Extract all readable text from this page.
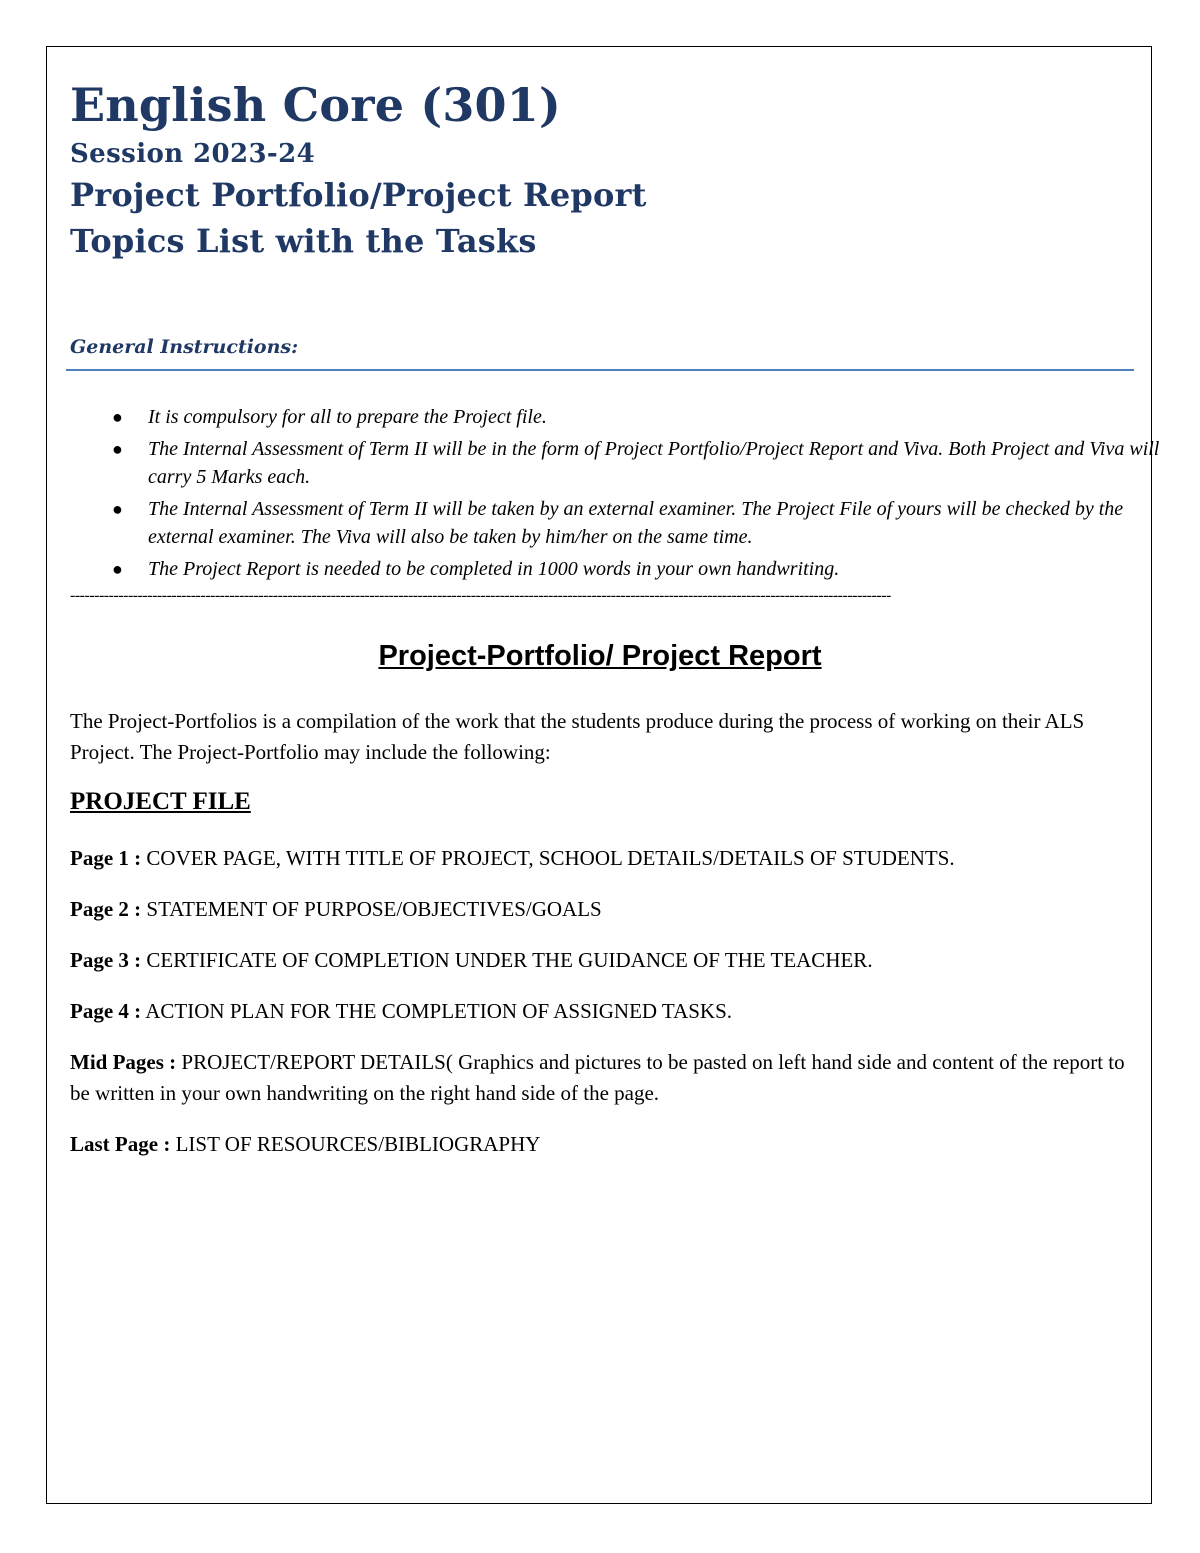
English Core (301)
Session 2023-24
Project Portfolio/Project Report
Topics List with the Tasks
General Instructions:
● It is compulsory for all to prepare the Project file.
● The Internal Assessment of Term II will be in the form of Project Portfolio/Project Report and Viva. Both Project and Viva will carry 5 Marks each.
● The Internal Assessment of Term II will be taken by an external examiner. The Project File of yours will be checked by the external examiner. The Viva will also be taken by him/her on the same time.
● The Project Report is needed to be completed in 1000 words in your own handwriting.
--------------------------------------------------------------------------------------------------------------------------------------------------------------------------
Project-Portfolio/ Project Report

The Project-Portfolios is a compilation of the work that the students produce during the process of working on their ALS Project. The Project-Portfolio may include the following:

PROJECT FILE

Page 1 : COVER PAGE, WITH TITLE OF PROJECT, SCHOOL DETAILS/DETAILS OF STUDENTS.

Page 2 : STATEMENT OF PURPOSE/OBJECTIVES/GOALS

Page 3 : CERTIFICATE OF COMPLETION UNDER THE GUIDANCE OF THE TEACHER.

Page 4 : ACTION PLAN FOR THE COMPLETION OF ASSIGNED TASKS.

Mid Pages : PROJECT/REPORT DETAILS( Graphics and pictures to be pasted on left hand side and content of the report to be written in your own handwriting on the right hand side of the page.

Last Page : LIST OF RESOURCES/BIBLIOGRAPHY
